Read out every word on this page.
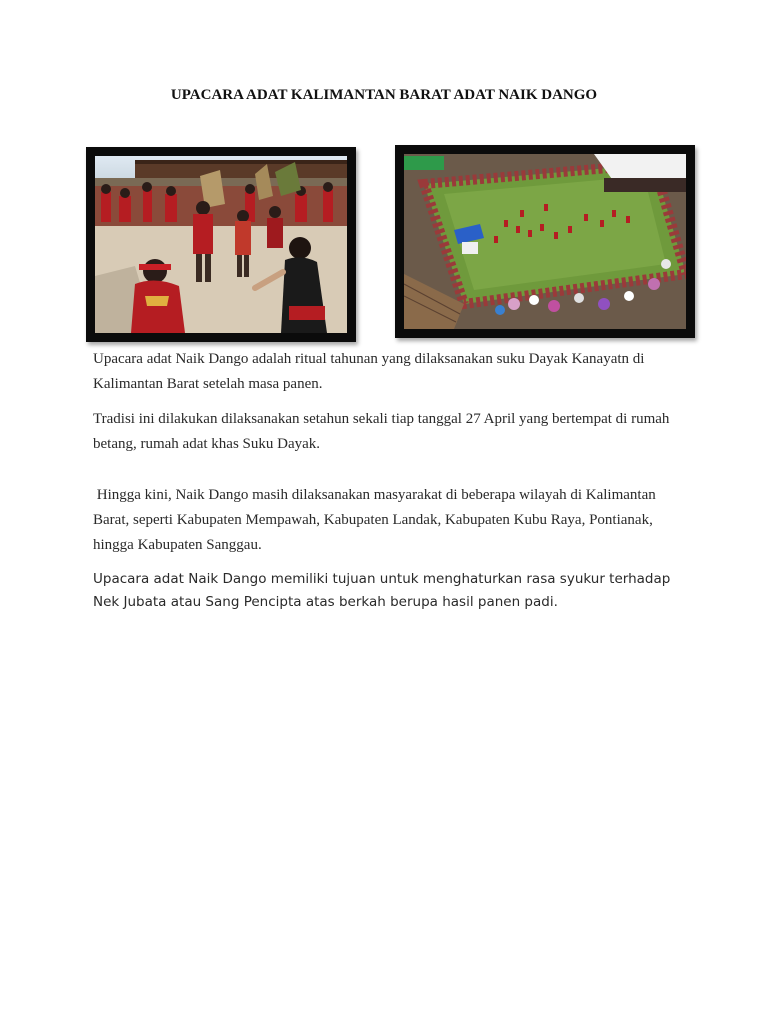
UPACARA ADAT KALIMANTAN BARAT ADAT NAIK DANGO

Upacara adat Naik Dango adalah ritual tahunan yang dilaksanakan suku Dayak Kanayatn di Kalimantan Barat setelah masa panen.

Tradisi ini dilakukan dilaksanakan setahun sekali tiap tanggal 27 April yang bertempat di rumah betang, rumah adat khas Suku Dayak.

Hingga kini, Naik Dango masih dilaksanakan masyarakat di beberapa wilayah di Kalimantan Barat, seperti Kabupaten Mempawah, Kabupaten Landak, Kabupaten Kubu Raya, Pontianak, hingga Kabupaten Sanggau.

Upacara adat Naik Dango memiliki tujuan untuk menghaturkan rasa syukur terhadap Nek Jubata atau Sang Pencipta atas berkah berupa hasil panen padi.
